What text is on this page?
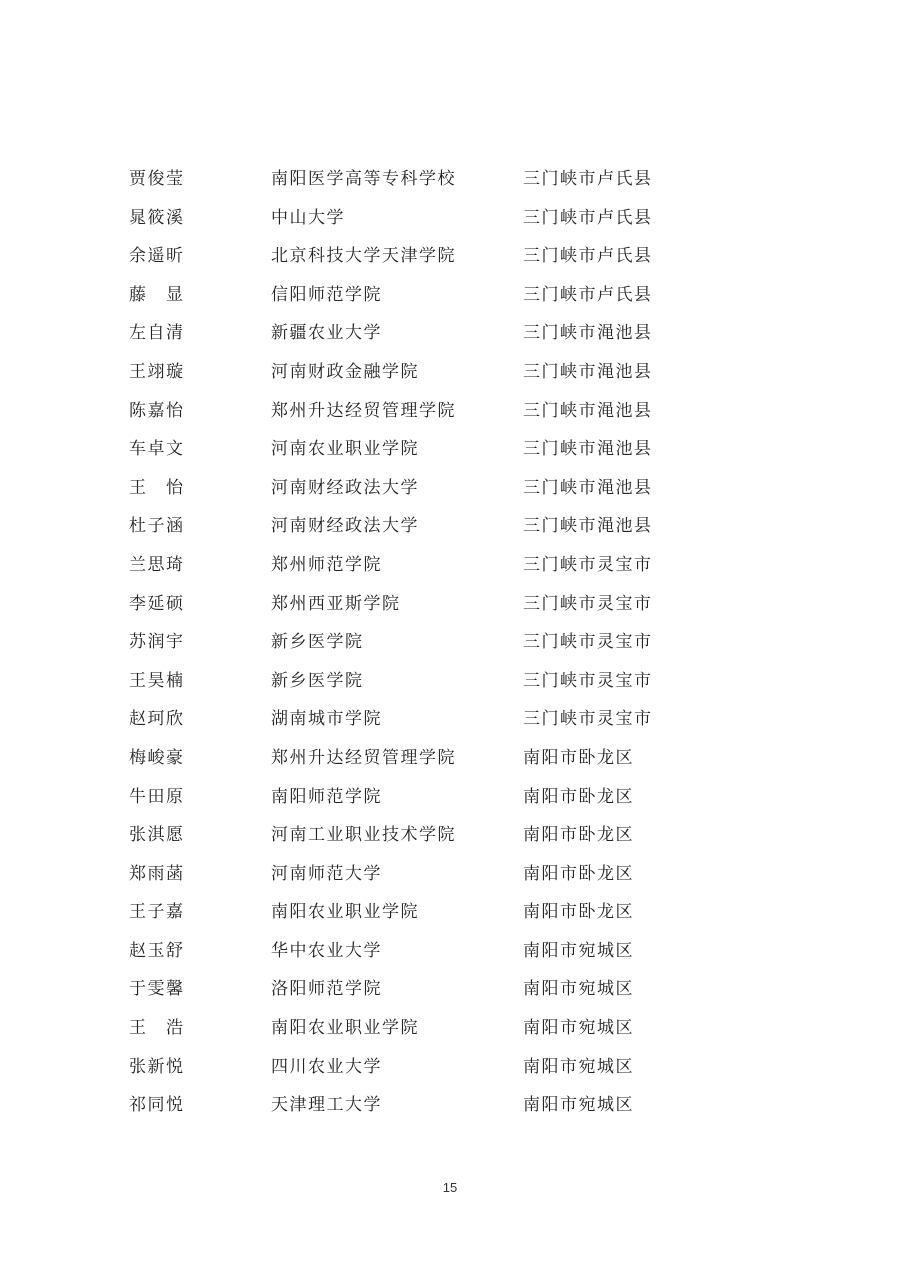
贾俊莹	南阳医学高等专科学校	三门峡市卢氏县
晁筱溪	中山大学	三门峡市卢氏县
余遥昕	北京科技大学天津学院	三门峡市卢氏县
藤　显	信阳师范学院	三门峡市卢氏县
左自清	新疆农业大学	三门峡市渑池县
王翊璇	河南财政金融学院	三门峡市渑池县
陈嘉怡	郑州升达经贸管理学院	三门峡市渑池县
车卓文	河南农业职业学院	三门峡市渑池县
王　怡	河南财经政法大学	三门峡市渑池县
杜子涵	河南财经政法大学	三门峡市渑池县
兰思琦	郑州师范学院	三门峡市灵宝市
李延硕	郑州西亚斯学院	三门峡市灵宝市
苏润宇	新乡医学院	三门峡市灵宝市
王昊楠	新乡医学院	三门峡市灵宝市
赵珂欣	湖南城市学院	三门峡市灵宝市
梅峻豪	郑州升达经贸管理学院	南阳市卧龙区
牛田原	南阳师范学院	南阳市卧龙区
张淇愿	河南工业职业技术学院	南阳市卧龙区
郑雨菡	河南师范大学	南阳市卧龙区
王子嘉	南阳农业职业学院	南阳市卧龙区
赵玉舒	华中农业大学	南阳市宛城区
于雯馨	洛阳师范学院	南阳市宛城区
王　浩	南阳农业职业学院	南阳市宛城区
张新悦	四川农业大学	南阳市宛城区
祁同悦	天津理工大学	南阳市宛城区
15
